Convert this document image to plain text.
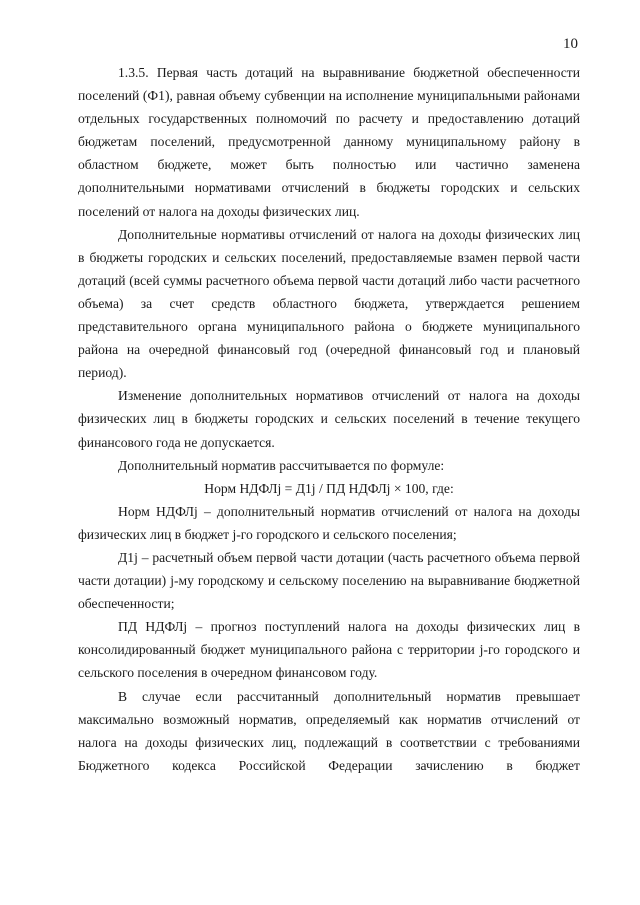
10

1.3.5. Первая часть дотаций на выравнивание бюджетной обеспеченности поселений (Ф1), равная объему субвенции на исполнение муниципальными районами отдельных государственных полномочий по расчету и предоставлению дотаций бюджетам поселений, предусмотренной данному муниципальному району в областном бюджете, может быть полностью или частично заменена дополнительными нормативами отчислений в бюджеты городских и сельских поселений от налога на доходы физических лиц.

Дополнительные нормативы отчислений от налога на доходы физических лиц в бюджеты городских и сельских поселений, предоставляемые взамен первой части дотаций (всей суммы расчетного объема первой части дотаций либо части расчетного объема) за счет средств областного бюджета, утверждается решением представительного органа муниципального района о бюджете муниципального района на очередной финансовый год (очередной финансовый год и плановый период).

Изменение дополнительных нормативов отчислений от налога на доходы физических лиц в бюджеты городских и сельских поселений в течение текущего финансового года не допускается.

Дополнительный норматив рассчитывается по формуле:

Норм НДФЛj = Д1j / ПД НДФЛj × 100, где:

Норм НДФЛj – дополнительный норматив отчислений от налога на доходы физических лиц в бюджет j-го городского и сельского поселения;

Д1j – расчетный объем первой части дотации (часть расчетного объема первой части дотации) j-му городскому и сельскому поселению на выравнивание бюджетной обеспеченности;

ПД НДФЛj – прогноз поступлений налога на доходы физических лиц в консолидированный бюджет муниципального района с территории j-го городского и сельского поселения в очередном финансовом году.

В случае если рассчитанный дополнительный норматив превышает максимально возможный норматив, определяемый как норматив отчислений от налога на доходы физических лиц, подлежащий в соответствии с требованиями Бюджетного кодекса Российской Федерации зачислению в бюджет
